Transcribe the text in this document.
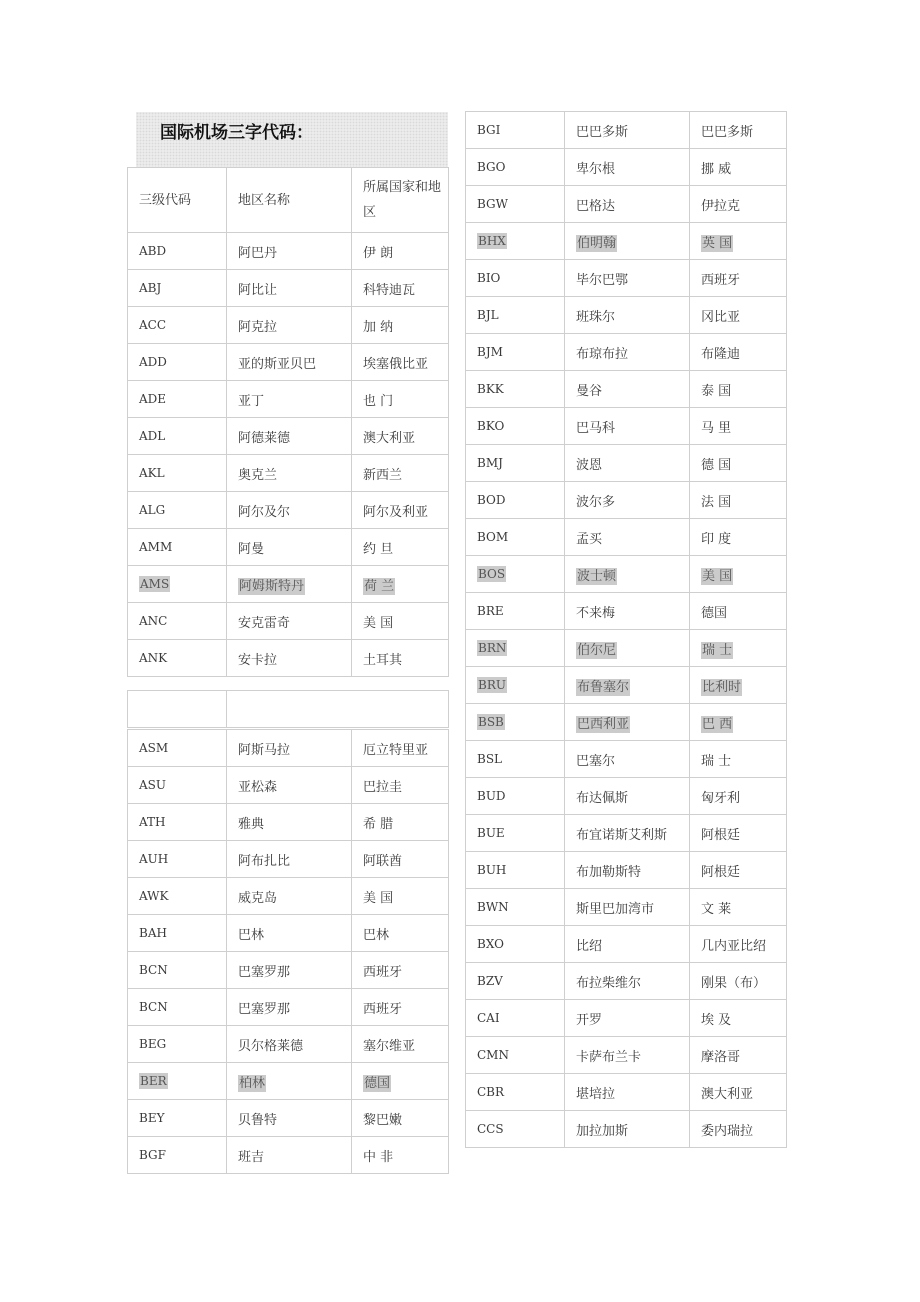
国际机场三字代码：
三级代码	地区名称	所属国家和地区
ABD	阿巴丹	伊 朗
ABJ	阿比让	科特迪瓦
ACC	阿克拉	加 纳
ADD	亚的斯亚贝巴	埃塞俄比亚
ADE	亚丁	也 门
ADL	阿德莱德	澳大利亚
AKL	奥克兰	新西兰
ALG	阿尔及尔	阿尔及利亚
AMM	阿曼	约 旦
AMS	阿姆斯特丹	荷 兰
ANC	安克雷奇	美 国
ANK	安卡拉	土耳其

ASM	阿斯马拉	厄立特里亚
ASU	亚松森	巴拉圭
ATH	雅典	希 腊
AUH	阿布扎比	阿联酋
AWK	威克岛	美 国
BAH	巴林	巴林
BCN	巴塞罗那	西班牙
BCN	巴塞罗那	西班牙
BEG	贝尔格莱德	塞尔维亚
BER	柏林	德国
BEY	贝鲁特	黎巴嫩
BGF	班吉	中 非
BGI	巴巴多斯	巴巴多斯
BGO	卑尔根	挪 威
BGW	巴格达	伊拉克
BHX	伯明翰	英 国
BIO	毕尔巴鄂	西班牙
BJL	班珠尔	冈比亚
BJM	布琼布拉	布隆迪
BKK	曼谷	泰 国
BKO	巴马科	马 里
BMJ	波恩	德 国
BOD	波尔多	法 国
BOM	孟买	印 度
BOS	波士顿	美 国
BRE	不来梅	德国
BRN	伯尔尼	瑞 士
BRU	布鲁塞尔	比利时
BSB	巴西利亚	巴 西
BSL	巴塞尔	瑞 士
BUD	布达佩斯	匈牙利
BUE	布宜诺斯艾利斯	阿根廷
BUH	布加勒斯特	阿根廷
BWN	斯里巴加湾市	文 莱
BXO	比绍	几内亚比绍
BZV	布拉柴维尔	刚果（布）
CAI	开罗	埃 及
CMN	卡萨布兰卡	摩洛哥
CBR	堪培拉	澳大利亚
CCS	加拉加斯	委内瑞拉
